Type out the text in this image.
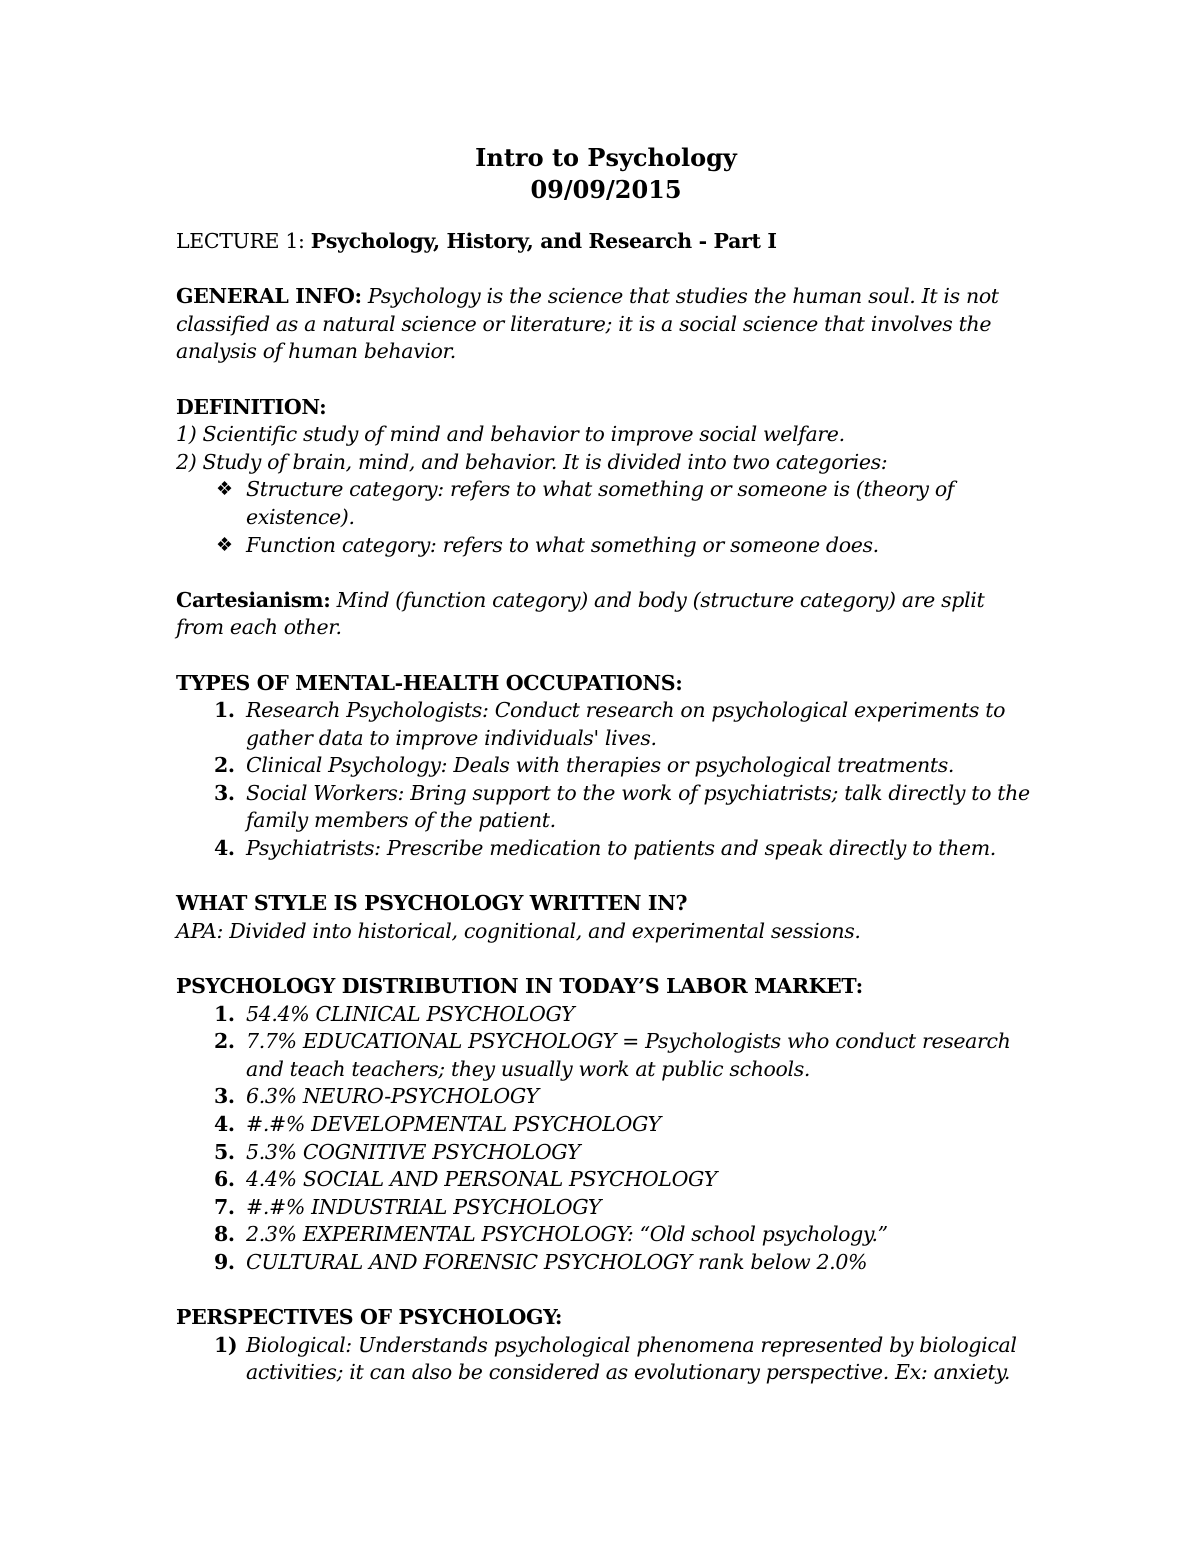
Intro to Psychology
09/09/2015

LECTURE 1: Psychology, History, and Research - Part I

GENERAL INFO: Psychology is the science that studies the human soul. It is not classified as a natural science or literature; it is a social science that involves the analysis of human behavior.

DEFINITION:

1) Scientific study of mind and behavior to improve social welfare.

2) Study of brain, mind, and behavior. It is divided into two categories:

❖ Structure category: refers to what something or someone is (theory of existence).
❖ Function category: refers to what something or someone does.

Cartesianism: Mind (function category) and body (structure category) are split from each other.

TYPES OF MENTAL-HEALTH OCCUPATIONS:

1. Research Psychologists: Conduct research on psychological experiments to gather data to improve individuals' lives.
2. Clinical Psychology: Deals with therapies or psychological treatments.
3. Social Workers: Bring support to the work of psychiatrists; talk directly to the family members of the patient.
4. Psychiatrists: Prescribe medication to patients and speak directly to them.

WHAT STYLE IS PSYCHOLOGY WRITTEN IN?

APA: Divided into historical, cognitional, and experimental sessions.

PSYCHOLOGY DISTRIBUTION IN TODAY’S LABOR MARKET:

1. 54.4% CLINICAL PSYCHOLOGY
2. 7.7% EDUCATIONAL PSYCHOLOGY = Psychologists who conduct research and teach teachers; they usually work at public schools.
3. 6.3% NEURO-PSYCHOLOGY
4. #.#% DEVELOPMENTAL PSYCHOLOGY
5. 5.3% COGNITIVE PSYCHOLOGY
6. 4.4% SOCIAL AND PERSONAL PSYCHOLOGY
7. #.#% INDUSTRIAL PSYCHOLOGY
8. 2.3% EXPERIMENTAL PSYCHOLOGY: “Old school psychology.”
9. CULTURAL AND FORENSIC PSYCHOLOGY rank below 2.0%

PERSPECTIVES OF PSYCHOLOGY:

1) Biological: Understands psychological phenomena represented by biological activities; it can also be considered as evolutionary perspective. Ex: anxiety.
